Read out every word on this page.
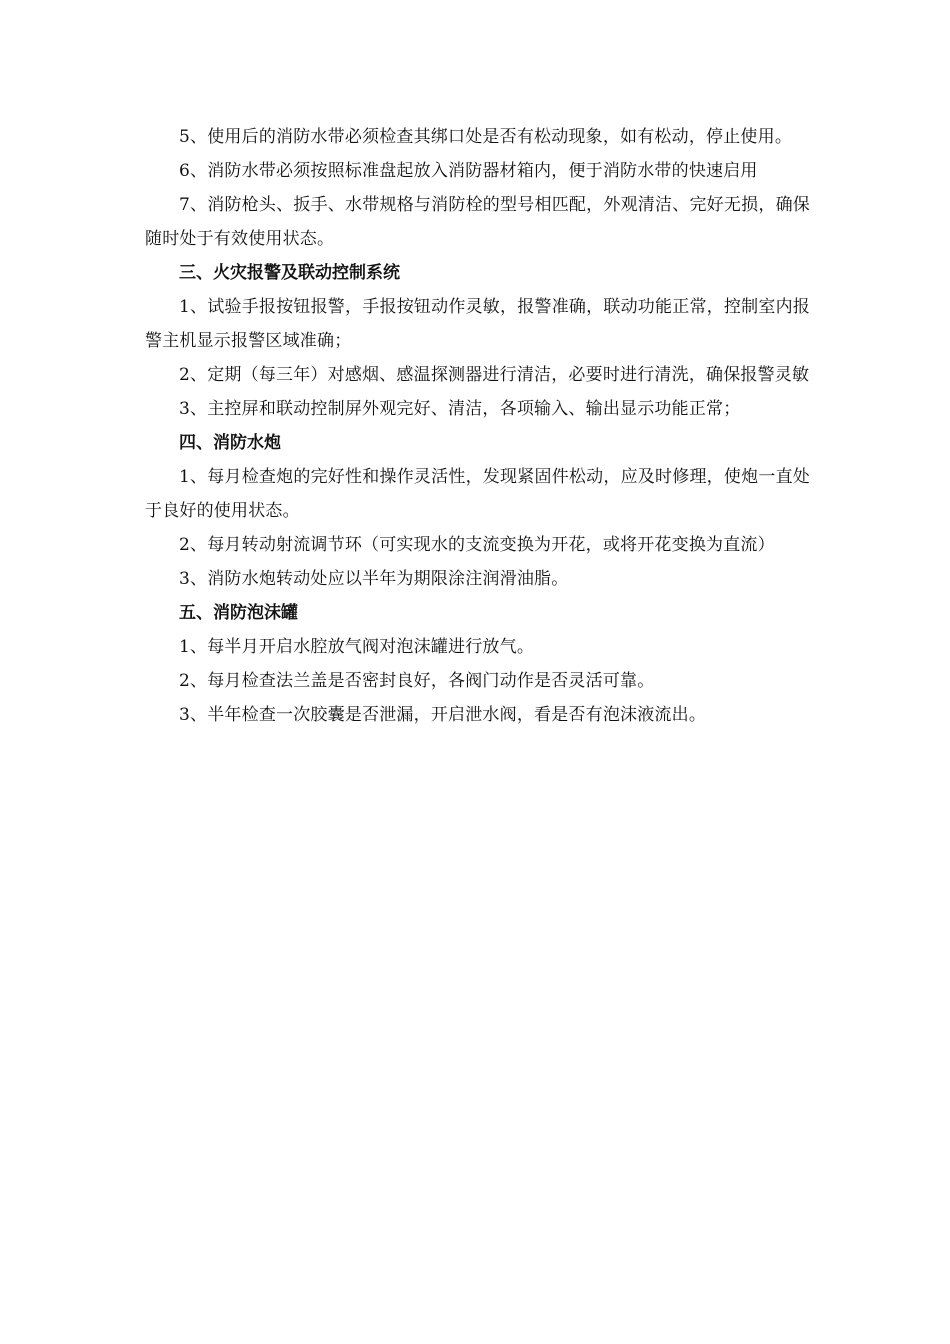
5、使用后的消防水带必须检查其绑口处是否有松动现象，如有松动，停止使用。

6、消防水带必须按照标准盘起放入消防器材箱内，便于消防水带的快速启用

7、消防枪头、扳手、水带规格与消防栓的型号相匹配，外观清洁、完好无损，确保随时处于有效使用状态。

三、火灾报警及联动控制系统

1、试验手报按钮报警，手报按钮动作灵敏，报警准确，联动功能正常，控制室内报警主机显示报警区域准确；

2、定期（每三年）对感烟、感温探测器进行清洁，必要时进行清洗，确保报警灵敏

3、主控屏和联动控制屏外观完好、清洁，各项输入、输出显示功能正常；

四、消防水炮

1、每月检查炮的完好性和操作灵活性，发现紧固件松动，应及时修理，使炮一直处于良好的使用状态。

2、每月转动射流调节环（可实现水的支流变换为开花，或将开花变换为直流）

3、消防水炮转动处应以半年为期限涂注润滑油脂。

五、消防泡沫罐

1、每半月开启水腔放气阀对泡沫罐进行放气。

2、每月检查法兰盖是否密封良好，各阀门动作是否灵活可靠。

3、半年检查一次胶囊是否泄漏，开启泄水阀，看是否有泡沫液流出。
